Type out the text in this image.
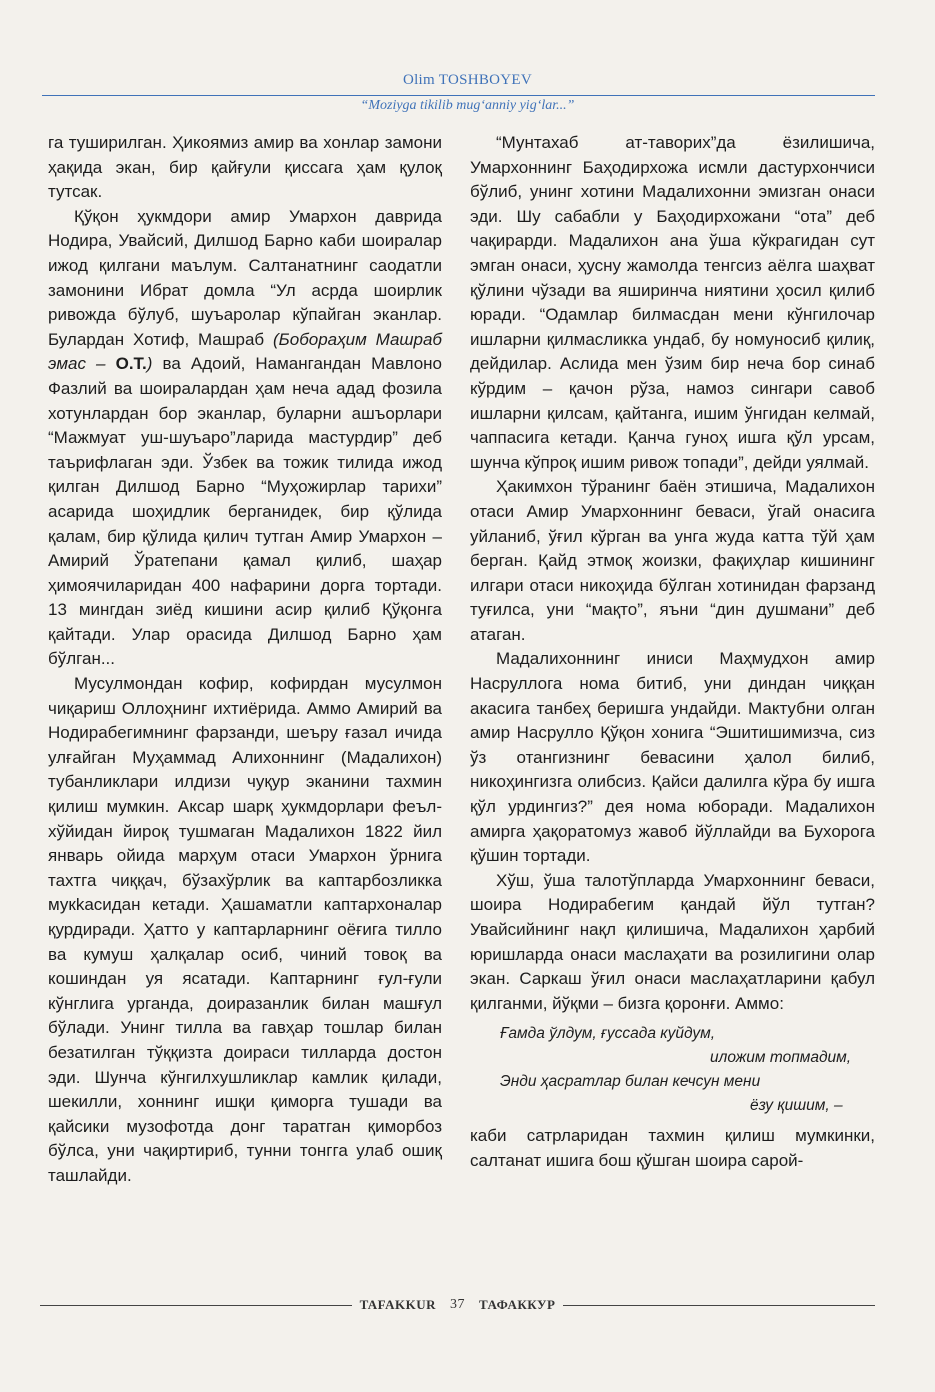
Olim TOSHBOYEV
“Moziyga tikilib mug‘anniy yig‘lar...”

га туширилган. Ҳикоямиз амир ва хонлар замони ҳақида экан, бир қайғули қиссага ҳам қулоқ тутсак.

Қўқон ҳукмдори амир Умархон даврида Нодира, Увайсий, Дилшод Барно каби шоиралар ижод қилгани маълум. Салтанатнинг саодатли замонини Ибрат домла “Ул асрда шоирлик ривожда бўлуб, шуъаролар кўпайган эканлар. Булардан Хотиф, Машраб (Бобораҳим Машраб эмас – О.Т.) ва Адоий, Намангандан Мавлоно Фазлий ва шоиралардан ҳам неча адад фозила хотунлардан бор эканлар, буларни ашъорлари “Мажмуат уш-шуъаро”ларида мастурдир” деб таърифлаган эди. Ўзбек ва тожик тилида ижод қилган Дилшод Барно “Муҳожирлар тарихи” асарида шоҳидлик берганидек, бир қўлида қалам, бир қўлида қилич тутган Амир Умархон – Амирий Ўратепани қамал қилиб, шаҳар ҳимоячиларидан 400 нафарини дорга тортади. 13 мингдан зиёд кишини асир қилиб Қўқонга қайтади. Улар орасида Дилшод Барно ҳам бўлган...

Мусулмондан кофир, кофирдан мусулмон чиқариш Оллоҳнинг ихтиёрида. Аммо Амирий ва Нодирабегимнинг фарзанди, шеъру ғазал ичида улғайган Муҳаммад Алихоннинг (Мадалихон) тубанликлари илдизи чуқур эканини тахмин қилиш мумкин. Аксар шарқ ҳукмдорлари феъл-хўйидан йироқ тушмаган Мадалихон 1822 йил январь ойида марҳум отаси Умархон ўрнига тахтга чиққач, бўзахўрлик ва каптарбозликка мукkасидан кетади. Ҳашаматли каптархоналар қурдиради. Ҳатто у каптарларнинг оёғига тилло ва кумуш ҳалқалар осиб, чиний товоқ ва кошиндан уя ясатади. Каптарнинг ғул-ғули кўнглига урганда, доиразанлик билан машғул бўлади. Унинг тилла ва гавҳар тошлар билан безатилган тўққизта доираси тилларда достон эди. Шунча кўнгилхушликлар камлик қилади, шекилли, хоннинг ишқи қиморга тушади ва қайсики музофотда донг таратган қиморбоз бўлса, уни чақиртириб, тунни тонгга улаб ошиқ ташлайди.

“Мунтахаб ат-таворих”да ёзилишича, Умархоннинг Баҳодирхожа исмли дастурхончиси бўлиб, унинг хотини Мадалихонни эмизган онаси эди. Шу сабабли у Баҳодирхожани “ота” деб чақирарди. Мадалихон ана ўша кўкрагидан сут эмган онаси, ҳусну жамолда тенгсиз аёлга шаҳват қўлини чўзади ва яширинча ниятини ҳосил қилиб юради. “Одамлар билмасдан мени кўнгилочар ишларни қилмасликка ундаб, бу номуносиб қилиқ, дейдилар. Аслида мен ўзим бир неча бор синаб кўрдим – қачон рўза, намоз сингари савоб ишларни қилсам, қайтанга, ишим ўнгидан келмай, чаппасига кетади. Қанча гуноҳ ишга қўл урсам, шунча кўпроқ ишим ривож топади”, дейди уялмай.

Ҳакимхон тўранинг баён этишича, Мадалихон отаси Амир Умархоннинг беваси, ўгай онасига уйланиб, ўғил кўрган ва унга жуда катта тўй ҳам берган. Қайд этмоқ жоизки, фақиҳлар кишининг илгари отаси никоҳида бўлган хотинидан фарзанд туғилса, уни “мақто”, яъни “дин душмани” деб атаган.

Мадалихоннинг иниси Маҳмудхон амир Насруллога нома битиб, уни диндан чиққан акасига танбеҳ беришга ундайди. Мактубни олган амир Насрулло Қўқон хонига “Эшитишимизча, сиз ўз отангизнинг бевасини ҳалол билиб, никоҳингизга олибсиз. Қайси далилга кўра бу ишга қўл урдингиз?” дея нома юборади. Мадалихон амирга ҳақоратомуз жавоб йўллайди ва Бухорога қўшин тортади.

Хўш, ўша талотўпларда Умархоннинг беваси, шоира Нодирабегим қандай йўл тутган? Увайсийнинг нақл қилишича, Мадалихон ҳарбий юришларда онаси маслаҳати ва розилигини олар экан. Саркаш ўғил онаси маслаҳатларини қабул қилганми, йўқми – бизга қоронғи. Аммо:

Ғамда ўлдум, ғуссада куйдум,
иложим топмадим,
Энди ҳасратлар билан кечсун мени
ёзу қишим, –

каби сатрларидан тахмин қилиш мумкинки, салтанат ишига бош қўшган шоира сарой-

TAFAKKUR	37	ТАФАККУР
